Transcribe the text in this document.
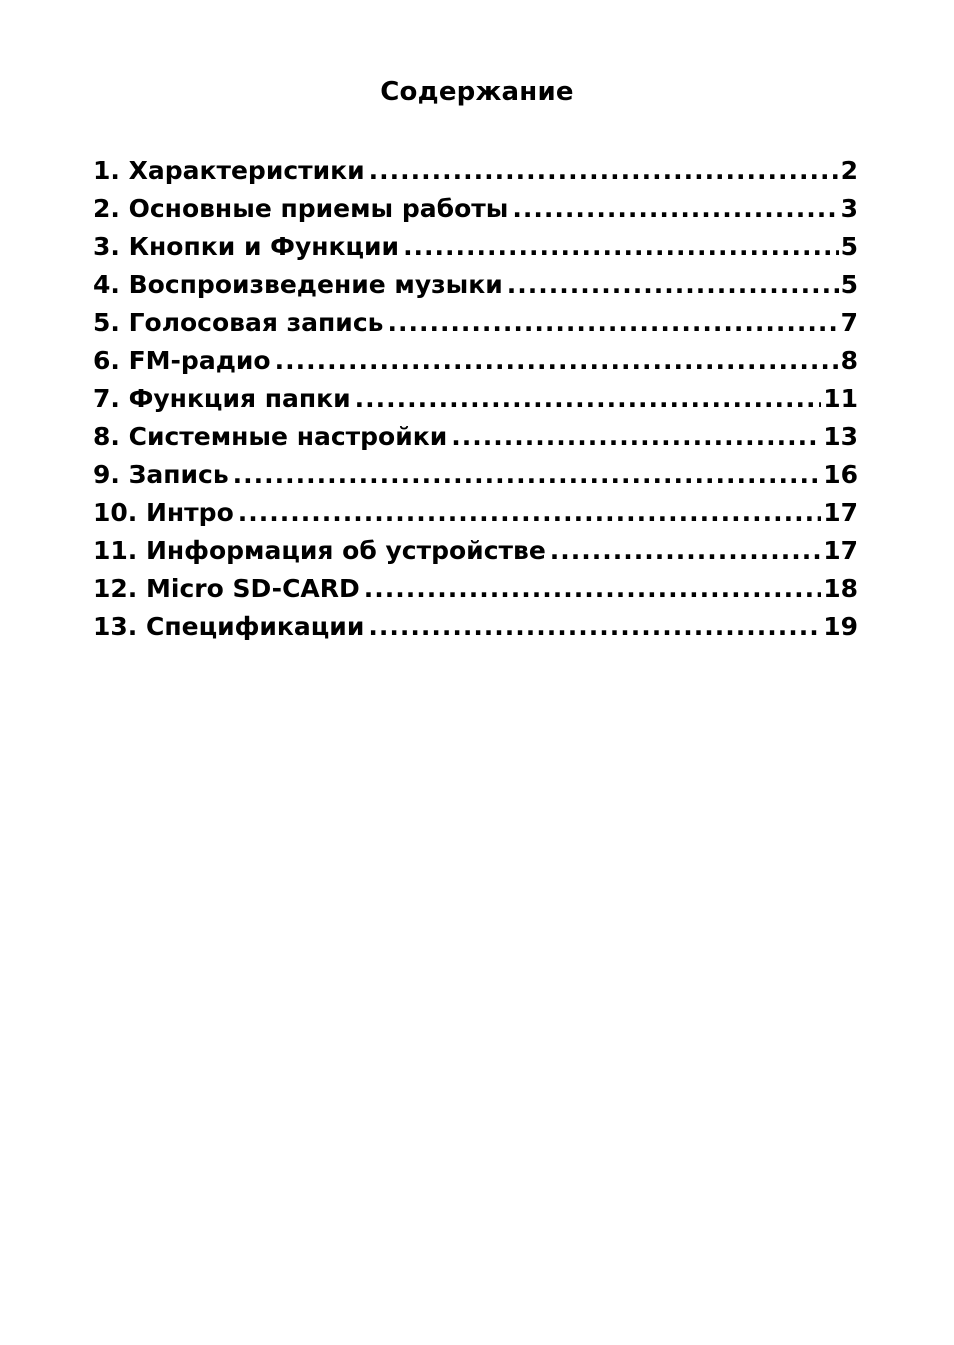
Содержание
1. Характеристики .....	2
2. Основные приемы работы .....	3
3. Кнопки и Функции .....	5
4. Воспроизведение музыки .....	5
5. Голосовая запись .....	7
6. FM-радио .....	8
7. Функция папки .....	11
8. Системные настройки .....	13
9. Запись .....	16
10. Интро .....	17
11. Информация об устройстве .....	17
12. Micro SD-CARD .....	18
13. Спецификации .....	19
